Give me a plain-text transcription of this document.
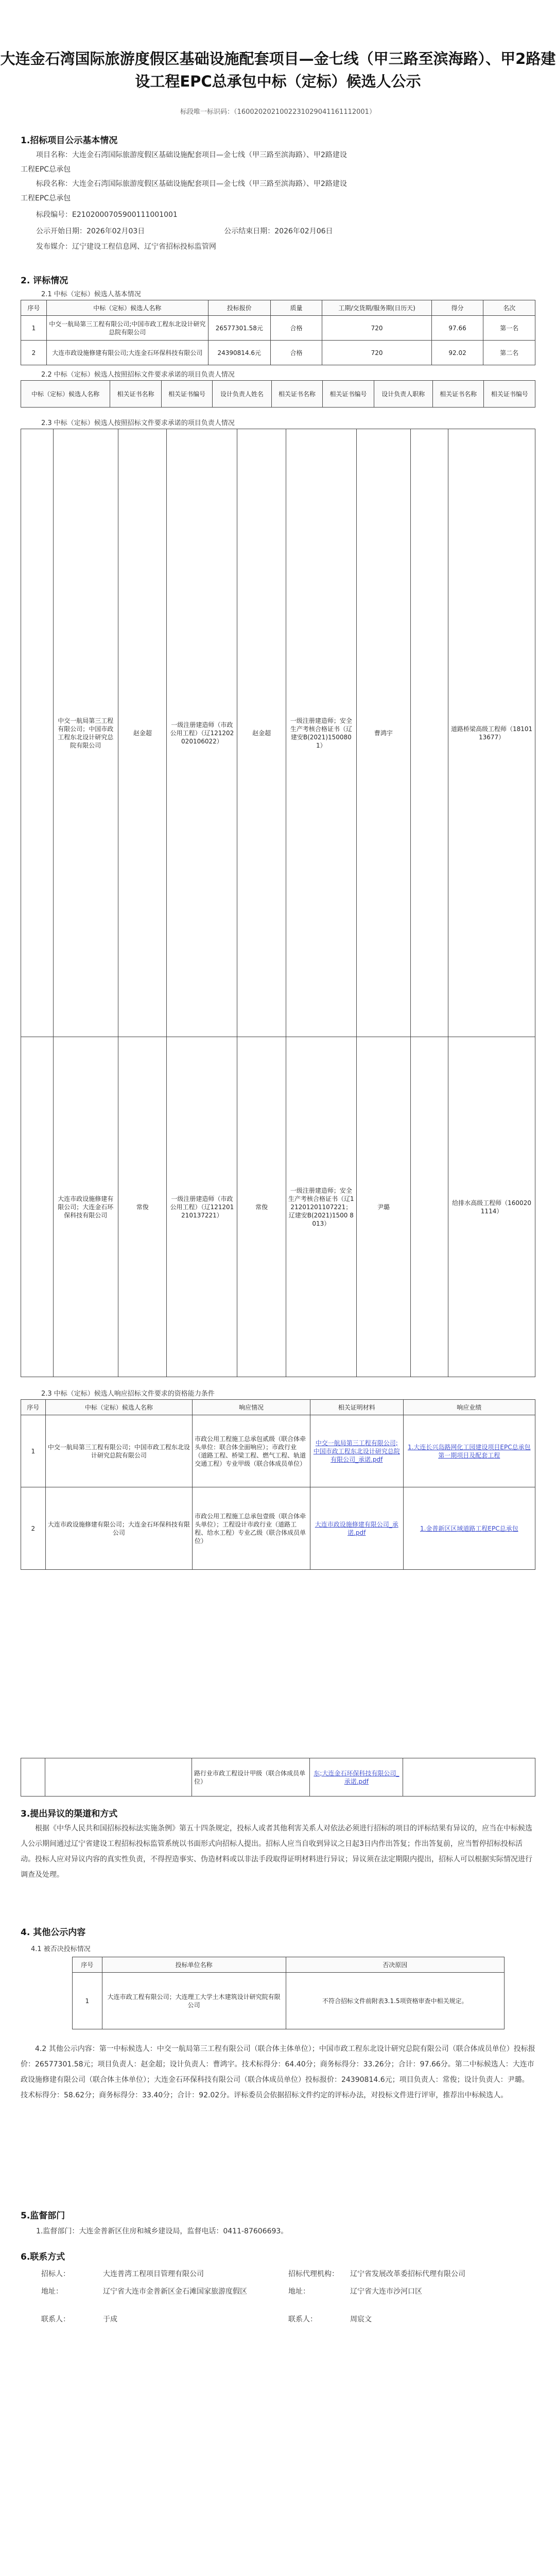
大连金石湾国际旅游度假区基础设施配套项目—金七线（甲三路至滨海路）、甲2路建设工程EPC总承包中标（定标）候选人公示
标段唯一标识码：（1600202021002231029041161112001）
1.招标项目公示基本情况
项目名称：大连金石湾国际旅游度假区基础设施配套项目—金七线（甲三路至滨海路）、甲2路建设
工程EPC总承包
标段名称：大连金石湾国际旅游度假区基础设施配套项目—金七线（甲三路至滨海路）、甲2路建设
工程EPC总承包
标段编号：E2102000705900111001001
公示开始日期：2026年02月03日　　　　　　　　　　　公示结束日期：2026年02月06日
发布媒介：辽宁建设工程信息网、辽宁省招标投标监管网
2. 评标情况
2.1 中标（定标）候选人基本情况
序号	中标（定标）候选人名称	投标报价	质量	工期/交货期/服务期(日历天)	得分	名次
1	中交一航局第三工程有限公司;中国市政工程东北设计研究总院有限公司	26577301.58元	合格	720	97.66	第一名
2	大连市政设施修建有限公司;大连金石环保科技有限公司	24390814.6元	合格	720	92.02	第二名
2.2 中标（定标）候选人按照招标文件要求承诺的项目负责人情况
中标（定标）候选人名称	相关证书名称	相关证书编号	设计负责人姓名	相关证书名称	相关证书编号	设计负责人职称	相关证书名称	相关证书编号
2.3 中标（定标）候选人按照招标文件要求承诺的项目负责人情况
	中交一航局第三工程有限公司；中国市政工程东北设计研究总院有限公司	赵金超	一级注册建造师（市政公用工程）（辽121202020106022）	赵金超	一级注册建造师；安全生产考核合格证书（辽建安B(2021)1500801）	曹鸿宇		道路桥梁高级工程师（1810113677）
	大连市政设施修建有限公司；大连金石环保科技有限公司	常俊	一级注册建造师（市政公用工程）（辽121201210137221）	常俊	一级注册建造师；安全生产考核合格证书（辽121201201107221；辽建安B(2021)1500 8013）	尹璐		给排水高级工程师（1600201114）
2.3 中标（定标）候选人响应招标文件要求的资格能力条件
序号	中标（定标）候选人名称	响应情况	相关证明材料	响应业绩
1	中交一航局第三工程有限公司；中国市政工程东北设计研究总院有限公司	市政公用工程施工总承包贰级（联合体牵头单位：联合体全面响应）；市政行业（道路工程、桥梁工程、燃气工程、轨道交通工程）专业甲级（联合体成员单位）	中交一航局第三工程有限公司;中国市政工程东北设计研究总院有限公司_承诺.pdf	1.大连长兴岛路网化工园建设项目EPC总承包第一期项目及配套工程
2	大连市政设施修建有限公司；大连金石环保科技有限公司	市政公用工程施工总承包壹级（联合体牵头单位）；工程设计市政行业（道路工程、给水工程）专业乙级（联合体成员单位）	大连市政设施修建有限公司_承诺.pdf	1.金普新区区域道路工程EPC总承包
		路行业市政工程设计甲级（联合体成员单位）	东;大连金石环保科技有限公司_承诺.pdf	
3.提出异议的渠道和方式
根据《中华人民共和国招标投标法实施条例》第五十四条规定，投标人或者其他利害关系人对依法必须进行招标的项目的评标结果有异议的，应当在中标候选人公示期间通过辽宁省建设工程招标投标监管系统以书面形式向招标人提出。招标人应当自收到异议之日起3日内作出答复；作出答复前，应当暂停招标投标活动。投标人应对异议内容的真实性负责，不得捏造事实、伪造材料或以非法手段取得证明材料进行异议；异议须在法定期限内提出，招标人可以根据实际情况进行调查及处理。
4. 其他公示内容
4.1 被否决投标情况
序号	投标单位名称	否决原因
1	大连市政工程有限公司；大连理工大学土木建筑设计研究院有限公司	不符合招标文件前附表3.1.5项资格审查中相关规定。
4.2 其他公示内容：第一中标候选人：中交一航局第三工程有限公司（联合体主体单位）；中国市政工程东北设计研究总院有限公司（联合体成员单位）投标报价：26577301.58元；项目负责人：赵金超；设计负责人：曹鸿宇。技术标得分：64.40分；商务标得分：33.26分；合计：97.66分。第二中标候选人：大连市政设施修建有限公司（联合体主体单位）；大连金石环保科技有限公司（联合体成员单位）投标报价：24390814.6元；项目负责人：常俊；设计负责人：尹璐。技术标得分：58.62分；商务标得分：33.40分；合计：92.02分。评标委员会依据招标文件约定的评标办法，对投标文件进行评审，推荐出中标候选人。
5.监督部门
1.监督部门：大连金普新区住房和城乡建设局，监督电话：0411-87606693。
6.联系方式
招标人：	大连普湾工程项目管理有限公司
地址：	辽宁省大连市金普新区金石滩国家旅游度假区
联系人：	于成
招标代理机构： 辽宁省发展改革委招标代理有限公司
地址：	辽宁省大连市沙河口区
联系人：	周宸文
